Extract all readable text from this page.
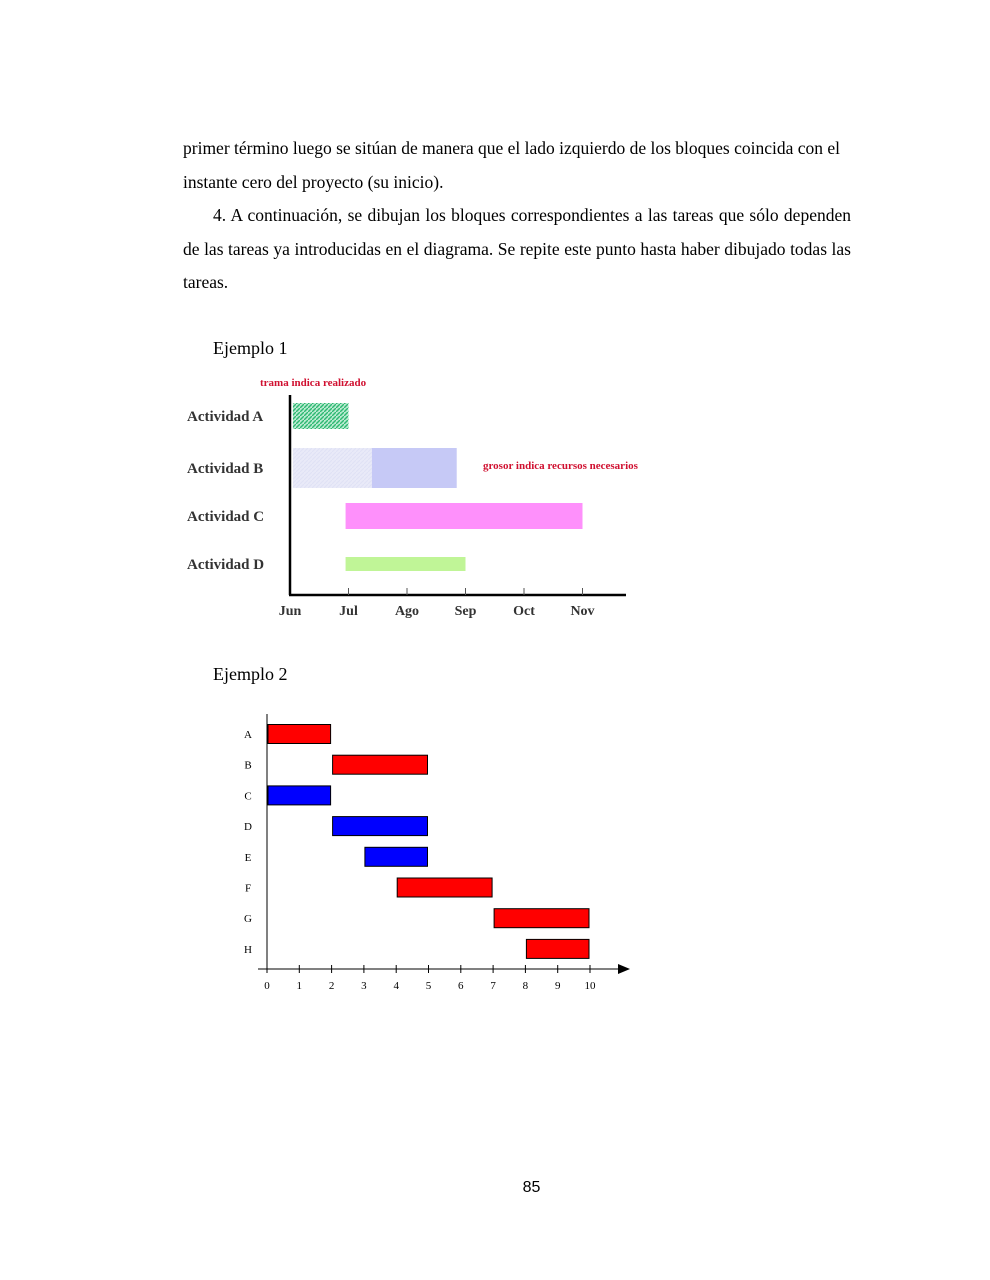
primer término luego se sitúan de manera que el lado izquierdo de los bloques coincida con el instante cero del proyecto (su inicio).

4. A continuación, se dibujan los bloques correspondientes a las tareas que sólo dependen de las tareas ya introducidas en el diagrama. Se repite este punto hasta haber dibujado todas las tareas.

Ejemplo 1

Actividad A
Actividad B
Actividad C
Actividad D
Jun	Jul	Ago	Sep	Oct	Nov
trama indica realizado
grosor indica recursos necesarios

Ejemplo 2

A
B
C
D
E
F
G
H
0 1 2 3 4 5 6 7 8 9 10
85
